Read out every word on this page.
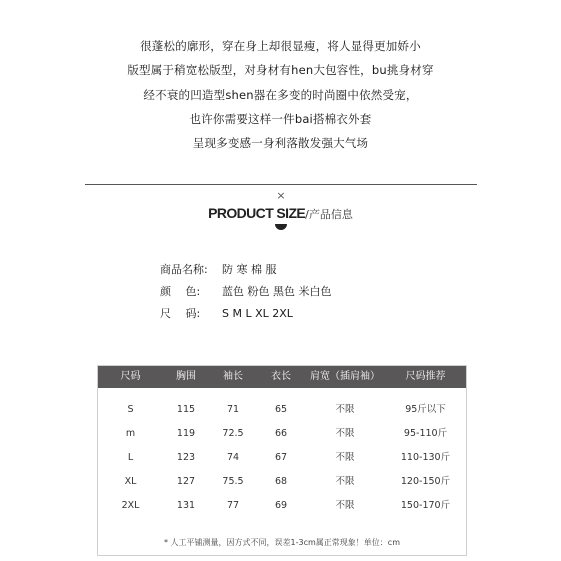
很蓬松的廓形，穿在身上却很显瘦，将人显得更加娇小
版型属于稍宽松版型，对身材有hen大包容性，bu挑身材穿
经不衰的凹造型shen器在多变的时尚圈中依然受宠，
也许你需要这样一件bai搭棉衣外套
呈现多变感一身利落散发强大气场
×
PRODUCT SIZE/产品信息
商品名称: 防 寒 棉 服
颜　 色: 蓝色 粉色 黑色 米白色
尺　 码: S M L XL 2XL
尺码	胸围	袖长	衣长	肩宽（插肩袖）	尺码推荐
S	115	71	65	不限	95斤以下
m	119	72.5	66	不限	95-110斤
L	123	74	67	不限	110-130斤
XL	127	75.5	68	不限	120-150斤
2XL	131	77	69	不限	150-170斤
* 人工平铺测量，因方式不同，误差1-3cm属正常现象！单位：cm
